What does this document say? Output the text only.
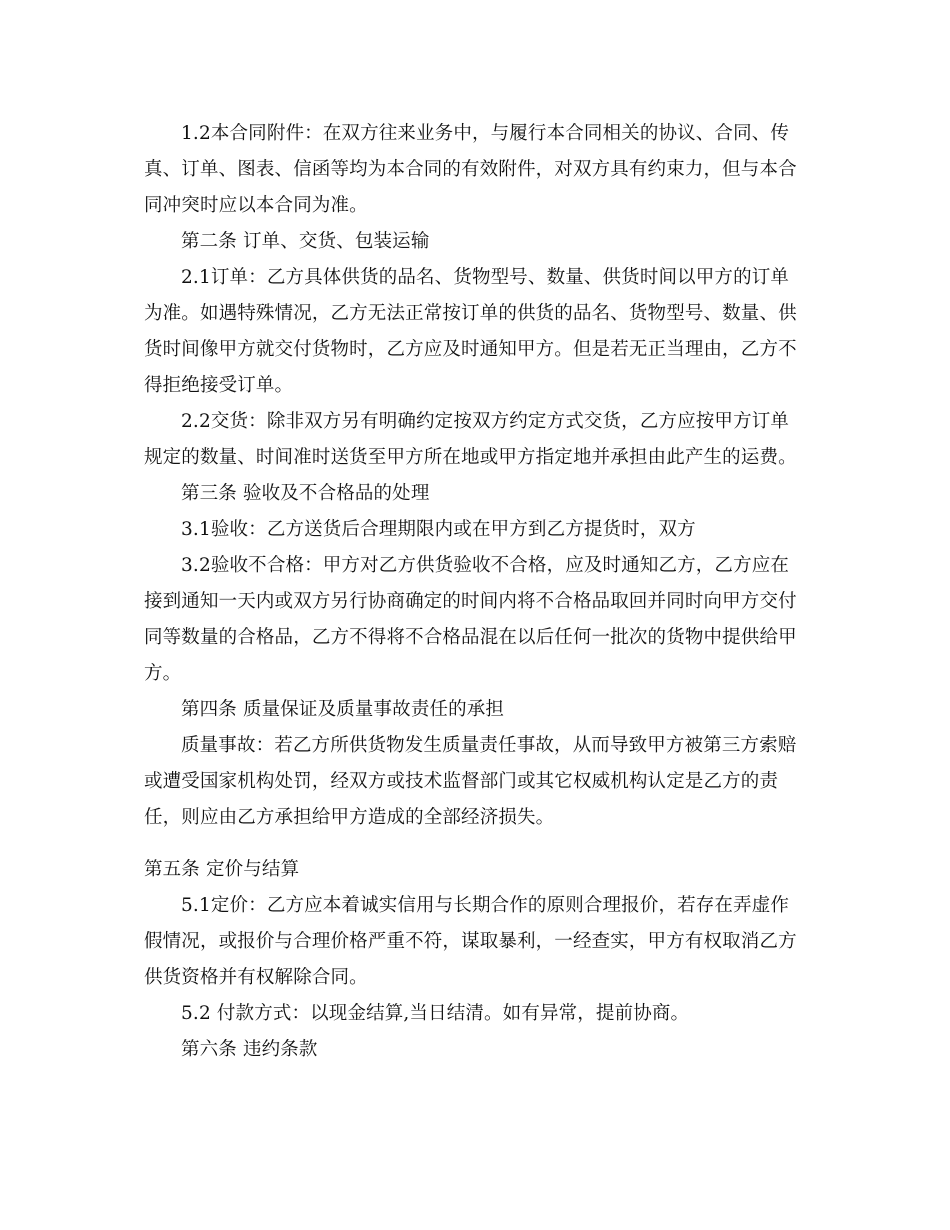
1.2本合同附件：在双方往来业务中，与履行本合同相关的协议、合同、传真、订单、图表、信函等均为本合同的有效附件，对双方具有约束力，但与本合同冲突时应以本合同为准。

第二条 订单、交货、包装运输

2.1订单：乙方具体供货的品名、货物型号、数量、供货时间以甲方的订单为准。如遇特殊情况，乙方无法正常按订单的供货的品名、货物型号、数量、供货时间像甲方就交付货物时，乙方应及时通知甲方。但是若无正当理由，乙方不得拒绝接受订单。

2.2交货：除非双方另有明确约定按双方约定方式交货，乙方应按甲方订单规定的数量、时间准时送货至甲方所在地或甲方指定地并承担由此产生的运费。

第三条 验收及不合格品的处理

3.1验收：乙方送货后合理期限内或在甲方到乙方提货时，双方

3.2验收不合格：甲方对乙方供货验收不合格，应及时通知乙方，乙方应在接到通知一天内或双方另行协商确定的时间内将不合格品取回并同时向甲方交付同等数量的合格品，乙方不得将不合格品混在以后任何一批次的货物中提供给甲方。

第四条 质量保证及质量事故责任的承担

质量事故：若乙方所供货物发生质量责任事故，从而导致甲方被第三方索赔或遭受国家机构处罚，经双方或技术监督部门或其它权威机构认定是乙方的责任，则应由乙方承担给甲方造成的全部经济损失。

第五条 定价与结算

5.1定价：乙方应本着诚实信用与长期合作的原则合理报价，若存在弄虚作假情况，或报价与合理价格严重不符，谋取暴利，一经查实，甲方有权取消乙方供货资格并有权解除合同。

5.2 付款方式：以现金结算,当日结清。如有异常，提前协商。

第六条 违约条款
